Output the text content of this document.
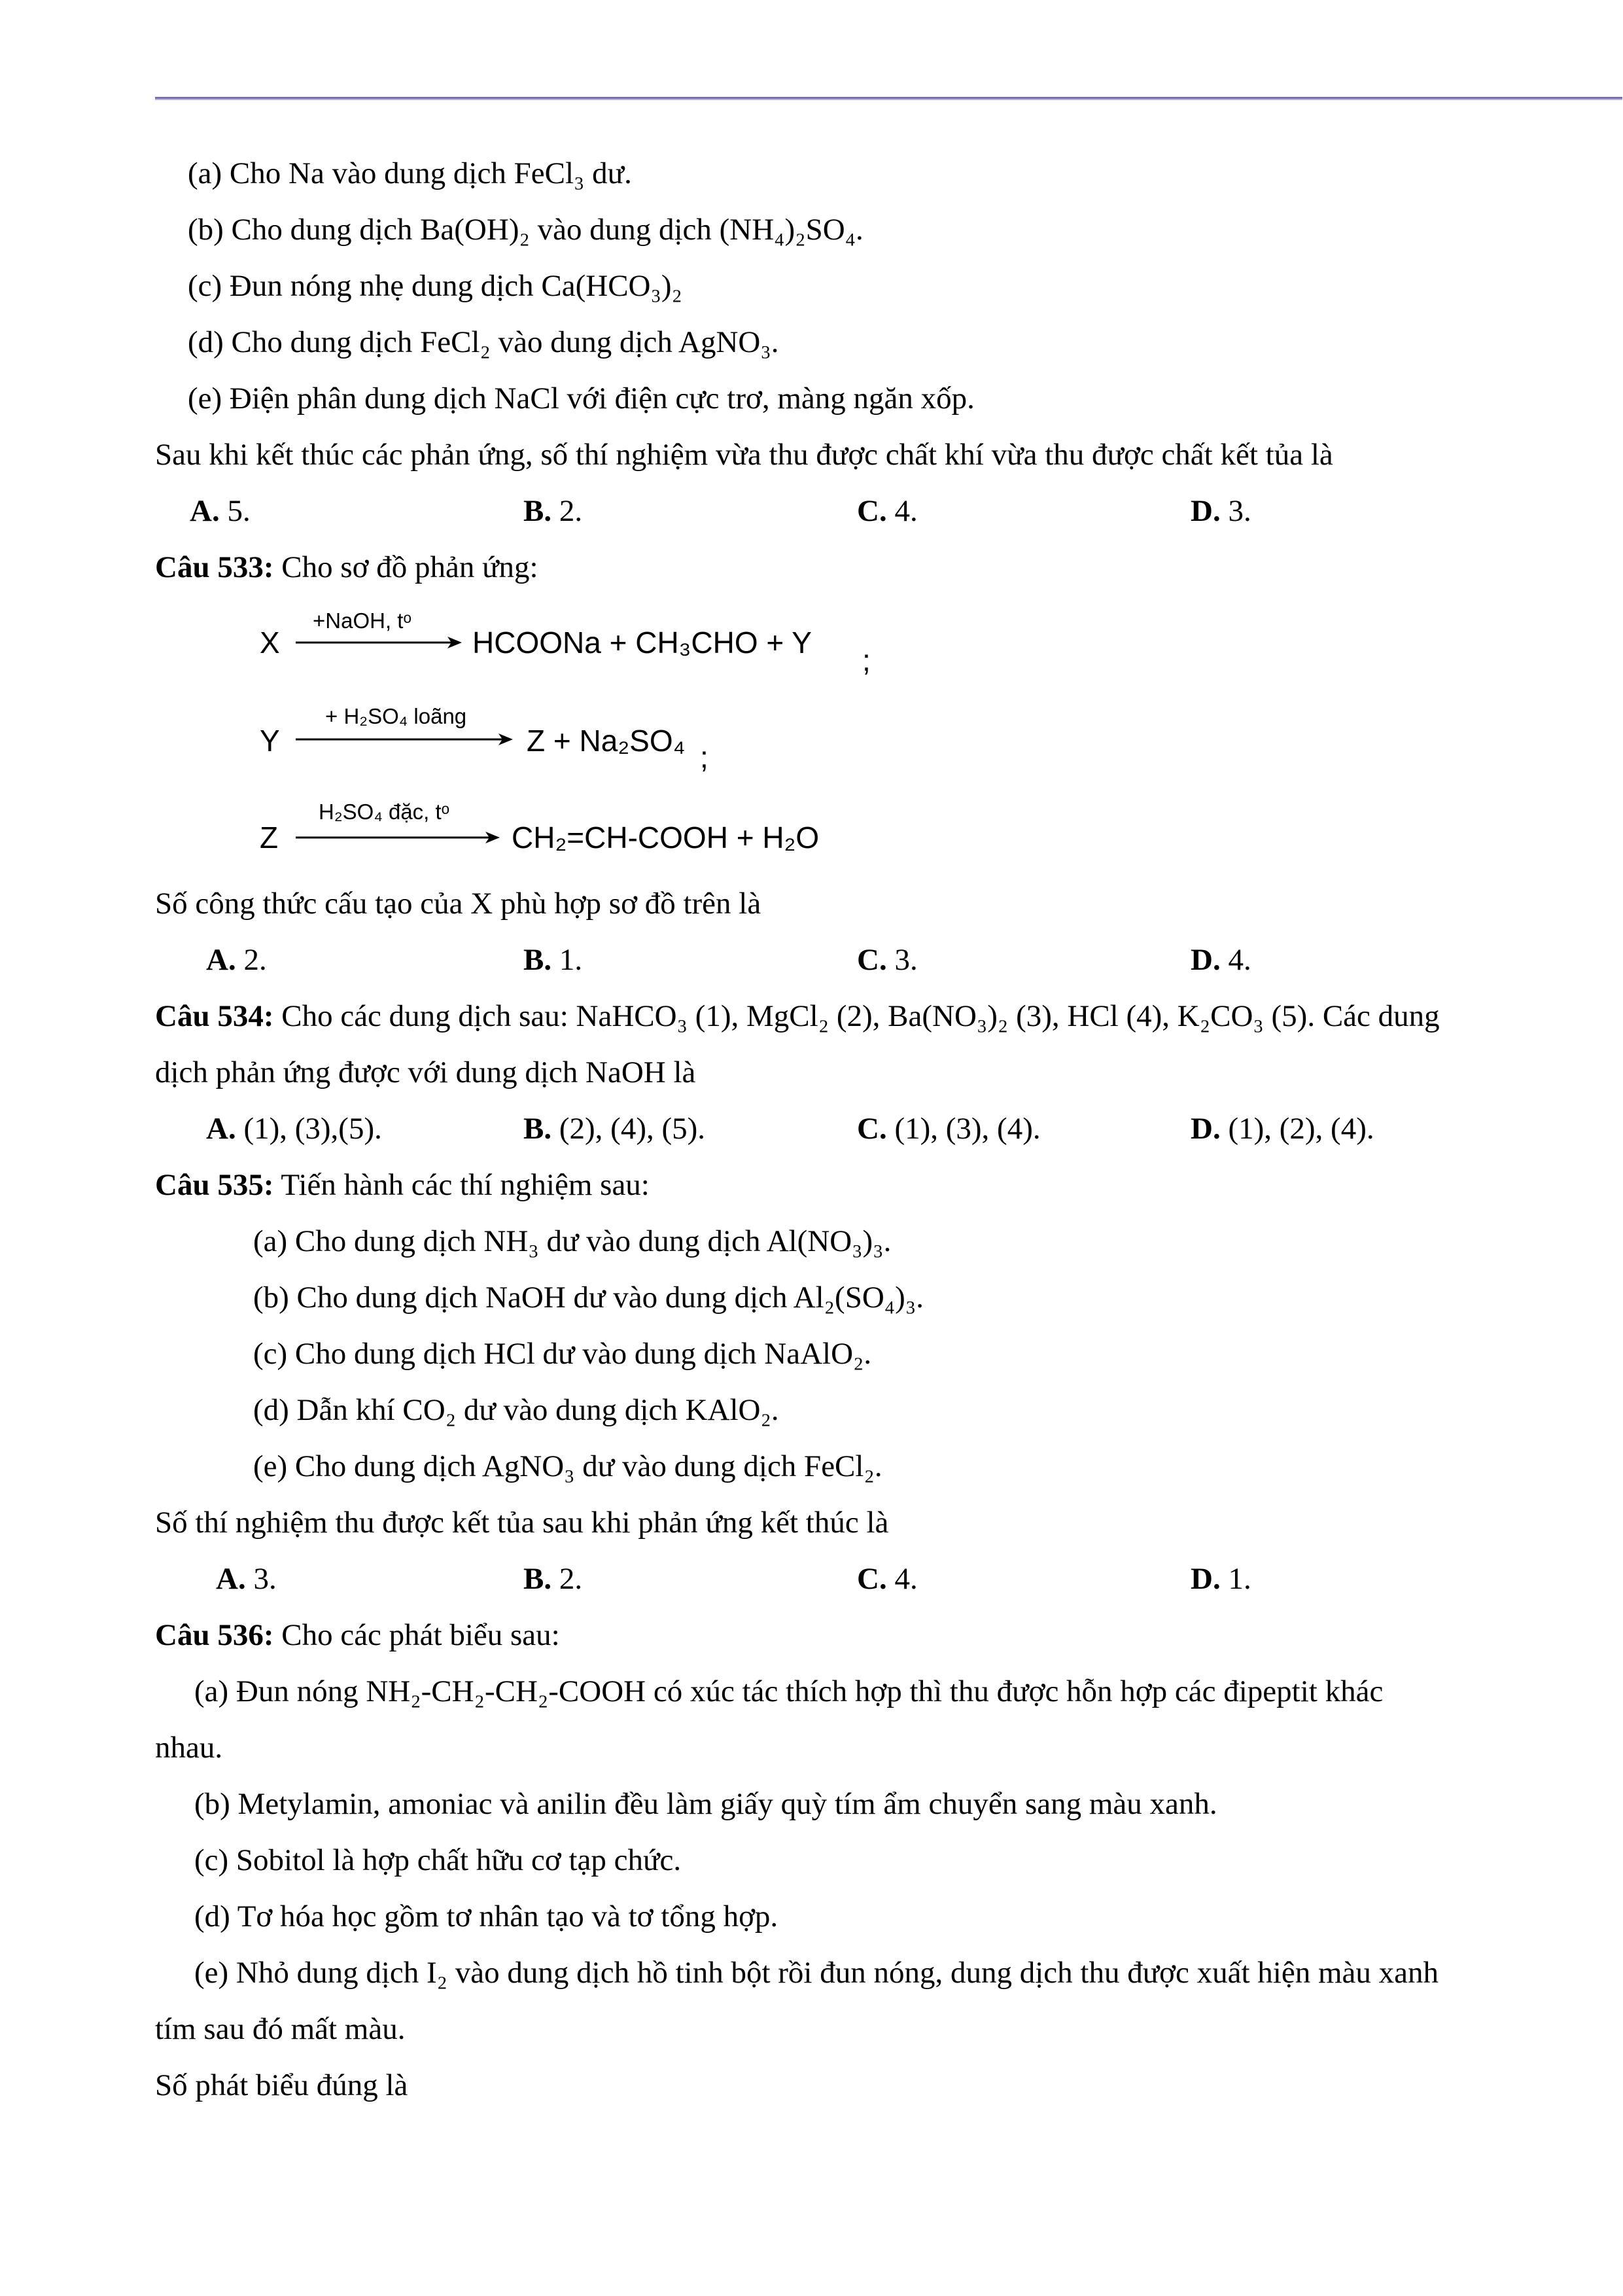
(a) Cho Na vào dung dịch FeCl₃ dư.
(b) Cho dung dịch Ba(OH)₂ vào dung dịch (NH₄)₂SO₄.
(c) Đun nóng nhẹ dung dịch Ca(HCO₃)₂
(d) Cho dung dịch FeCl₂ vào dung dịch AgNO₃.
(e) Điện phân dung dịch NaCl với điện cực trơ, màng ngăn xốp.
Sau khi kết thúc các phản ứng, số thí nghiệm vừa thu được chất khí vừa thu được chất kết tủa là
A. 5.	B. 2.	C. 4.	D. 3.
Câu 533: Cho sơ đồ phản ứng:
X
+NaOH, tᵒ
HCOONa + CH₃CHO + Y
;
Y
+ H₂SO₄ loãng
Z + Na₂SO₄ ;
Z
H₂SO₄ đặc, tᵒ
CH₂=CH-COOH + H₂O
Số công thức cấu tạo của X phù hợp sơ đồ trên là
A. 2.	B. 1.	C. 3.	D. 4.
Câu 534: Cho các dung dịch sau: NaHCO₃ (1), MgCl₂ (2), Ba(NO₃)₂ (3), HCl (4), K₂CO₃ (5). Các dung
dịch phản ứng được với dung dịch NaOH là
A. (1), (3),(5).	B. (2), (4), (5).	C. (1), (3), (4).	D. (1), (2), (4).
Câu 535: Tiến hành các thí nghiệm sau:
(a) Cho dung dịch NH₃ dư vào dung dịch Al(NO₃)₃.
(b) Cho dung dịch NaOH dư vào dung dịch Al₂(SO₄)₃.
(c) Cho dung dịch HCl dư vào dung dịch NaAlO₂.
(d) Dẫn khí CO₂ dư vào dung dịch KAlO₂.
(e) Cho dung dịch AgNO₃ dư vào dung dịch FeCl₂.
Số thí nghiệm thu được kết tủa sau khi phản ứng kết thúc là
A. 3.	B. 2.	C. 4.	D. 1.
Câu 536: Cho các phát biểu sau:
(a) Đun nóng NH₂-CH₂-CH₂-COOH có xúc tác thích hợp thì thu được hỗn hợp các đipeptit khác
nhau.
(b) Metylamin, amoniac và anilin đều làm giấy quỳ tím ẩm chuyển sang màu xanh.
(c) Sobitol là hợp chất hữu cơ tạp chức.
(d) Tơ hóa học gồm tơ nhân tạo và tơ tổng hợp.
(e) Nhỏ dung dịch I₂ vào dung dịch hồ tinh bột rồi đun nóng, dung dịch thu được xuất hiện màu xanh
tím sau đó mất màu.
Số phát biểu đúng là
